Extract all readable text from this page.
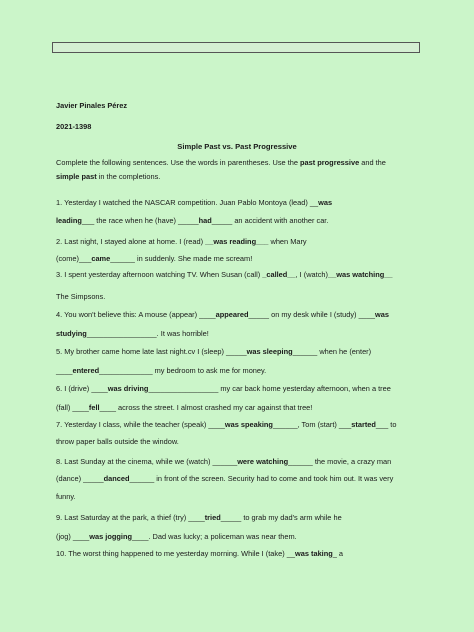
Javier Pinales Pérez
2021-1398
Simple Past vs. Past Progressive
Complete the following sentences. Use the words in parentheses. Use the past progressive and the
simple past in the completions.
1. Yesterday I watched the NASCAR competition. Juan Pablo Montoya (lead) __was
leading___ the race when he (have) _____had_____ an accident with another car.
2. Last night, I stayed alone at home. I (read) __was reading___ when Mary
(come)___came______ in suddenly. She made me scream!
3. I spent yesterday afternoon watching TV. When Susan (call) _called__, I (watch)__was watching__
The Simpsons.
4. You won't believe this: A mouse (appear) ____appeared_____ on my desk while I (study) ____was
studying_________________. It was horrible!
5. My brother came home late last night.cv I (sleep) _____was sleeping______ when he (enter)
____entered_____________ my bedroom to ask me for money.
6. I (drive) ____was driving_________________ my car back home yesterday afternoon, when a tree
(fall) ____fell____ across the street. I almost crashed my car against that tree!
7. Yesterday I class, while the teacher (speak) ____was speaking______, Tom (start) ___started___ to
throw paper balls outside the window.
8. Last Sunday at the cinema, while we (watch) ______were watching______ the movie, a crazy man
(dance) _____danced______ in front of the screen. Security had to come and took him out. It was very
funny.
9. Last Saturday at the park, a thief (try) ____tried_____ to grab my dad's arm while he
(jog) ____was jogging____. Dad was lucky; a policeman was near them.
10. The worst thing happened to me yesterday morning. While I (take) __was taking_ a
